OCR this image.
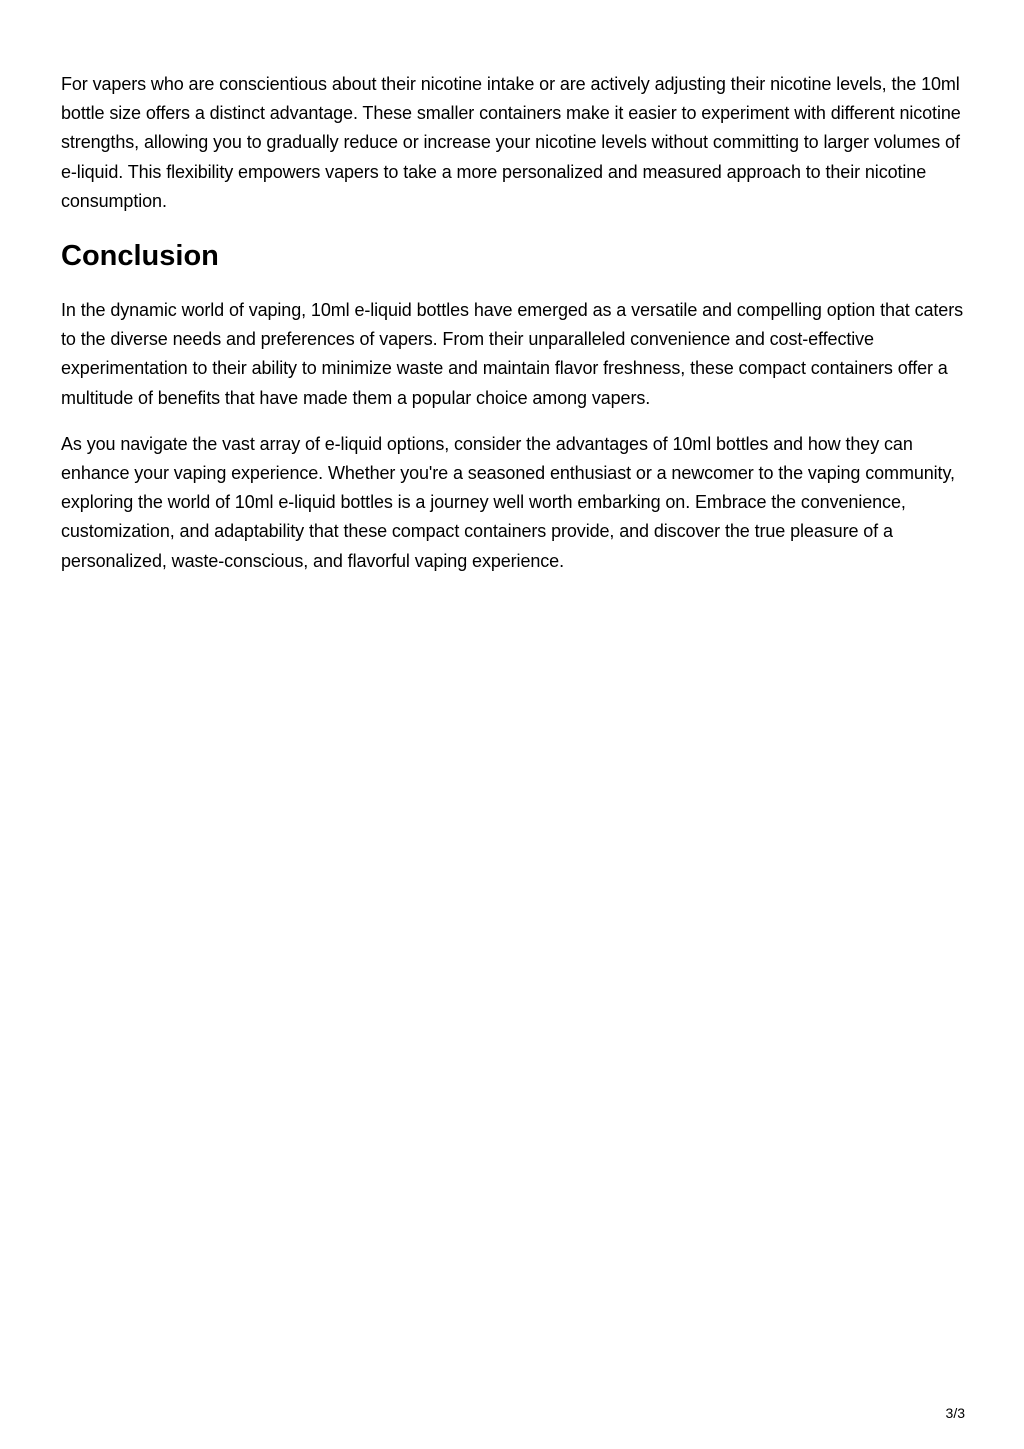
For vapers who are conscientious about their nicotine intake or are actively adjusting their nicotine levels, the 10ml bottle size offers a distinct advantage. These smaller containers make it easier to experiment with different nicotine strengths, allowing you to gradually reduce or increase your nicotine levels without committing to larger volumes of e-liquid. This flexibility empowers vapers to take a more personalized and measured approach to their nicotine consumption.

Conclusion

In the dynamic world of vaping, 10ml e-liquid bottles have emerged as a versatile and compelling option that caters to the diverse needs and preferences of vapers. From their unparalleled convenience and cost-effective experimentation to their ability to minimize waste and maintain flavor freshness, these compact containers offer a multitude of benefits that have made them a popular choice among vapers.

As you navigate the vast array of e-liquid options, consider the advantages of 10ml bottles and how they can enhance your vaping experience. Whether you're a seasoned enthusiast or a newcomer to the vaping community, exploring the world of 10ml e-liquid bottles is a journey well worth embarking on. Embrace the convenience, customization, and adaptability that these compact containers provide, and discover the true pleasure of a personalized, waste-conscious, and flavorful vaping experience.

3/3
